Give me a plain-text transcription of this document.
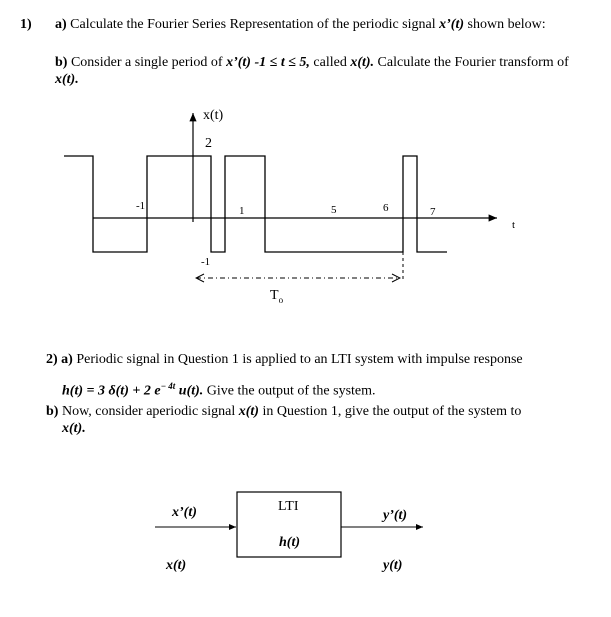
1) a) Calculate the Fourier Series Representation of the periodic signal x’(t) shown below:
b) Consider a single period of x’(t) -1 ≤ t ≤ 5, called x(t). Calculate the Fourier transform of
x(t).
x(t)
2
-1	1	5	6	7
t
-1
$T_o$
2) a) Periodic signal in Question 1 is applied to an LTI system with impulse response
h(t) = 3 δ(t) + 2 $e^{- 4t}$ u(t). Give the output of the system.
b) Now, consider aperiodic signal x(t) in Question 1, give the output of the system to
x(t).
x’(t)
x(t)
LTI
h(t)
y’(t)
y(t)
